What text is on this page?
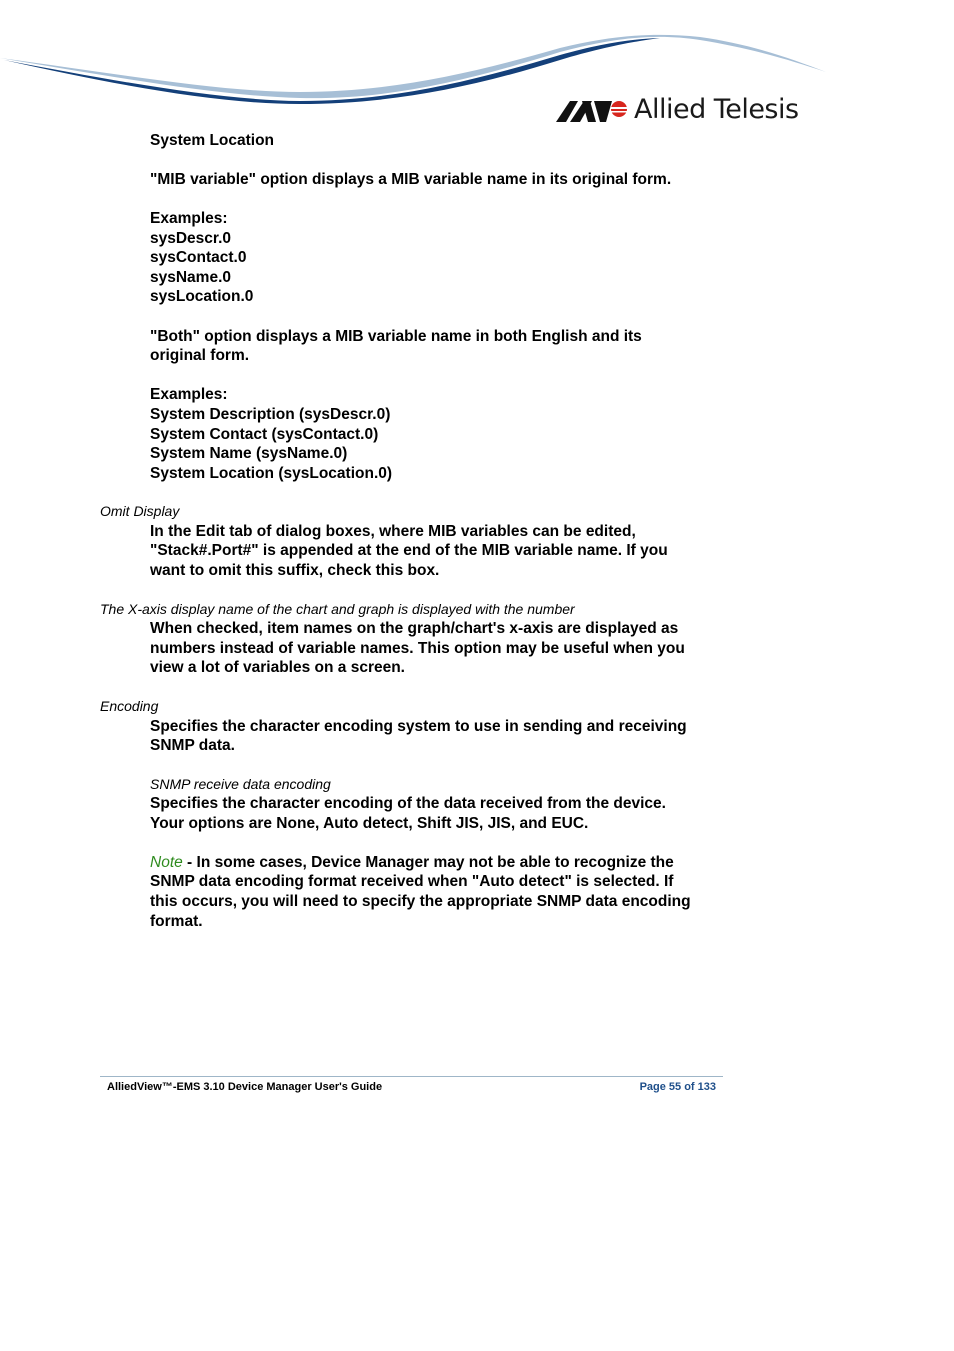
Allied Telesis
System Location
"MIB variable" option displays a MIB variable name in its original form.
Examples:
sysDescr.0
sysContact.0
sysName.0
sysLocation.0
"Both" option displays a MIB variable name in both English and its
original form.
Examples:
System Description (sysDescr.0)
System Contact (sysContact.0)
System Name (sysName.0)
System Location (sysLocation.0)
Omit Display
In the Edit tab of dialog boxes, where MIB variables can be edited,
"Stack#.Port#" is appended at the end of the MIB variable name. If you
want to omit this suffix, check this box.
The X-axis display name of the chart and graph is displayed with the number
When checked, item names on the graph/chart's x-axis are displayed as
numbers instead of variable names. This option may be useful when you
view a lot of variables on a screen.
Encoding
Specifies the character encoding system to use in sending and receiving
SNMP data.
SNMP receive data encoding
Specifies the character encoding of the data received from the device.
Your options are None, Auto detect, Shift JIS, JIS, and EUC.
Note - In some cases, Device Manager may not be able to recognize the
SNMP data encoding format received when "Auto detect" is selected. If
this occurs, you will need to specify the appropriate SNMP data encoding
format.
AlliedView™-EMS 3.10 Device Manager User's Guide	Page 55 of 133
